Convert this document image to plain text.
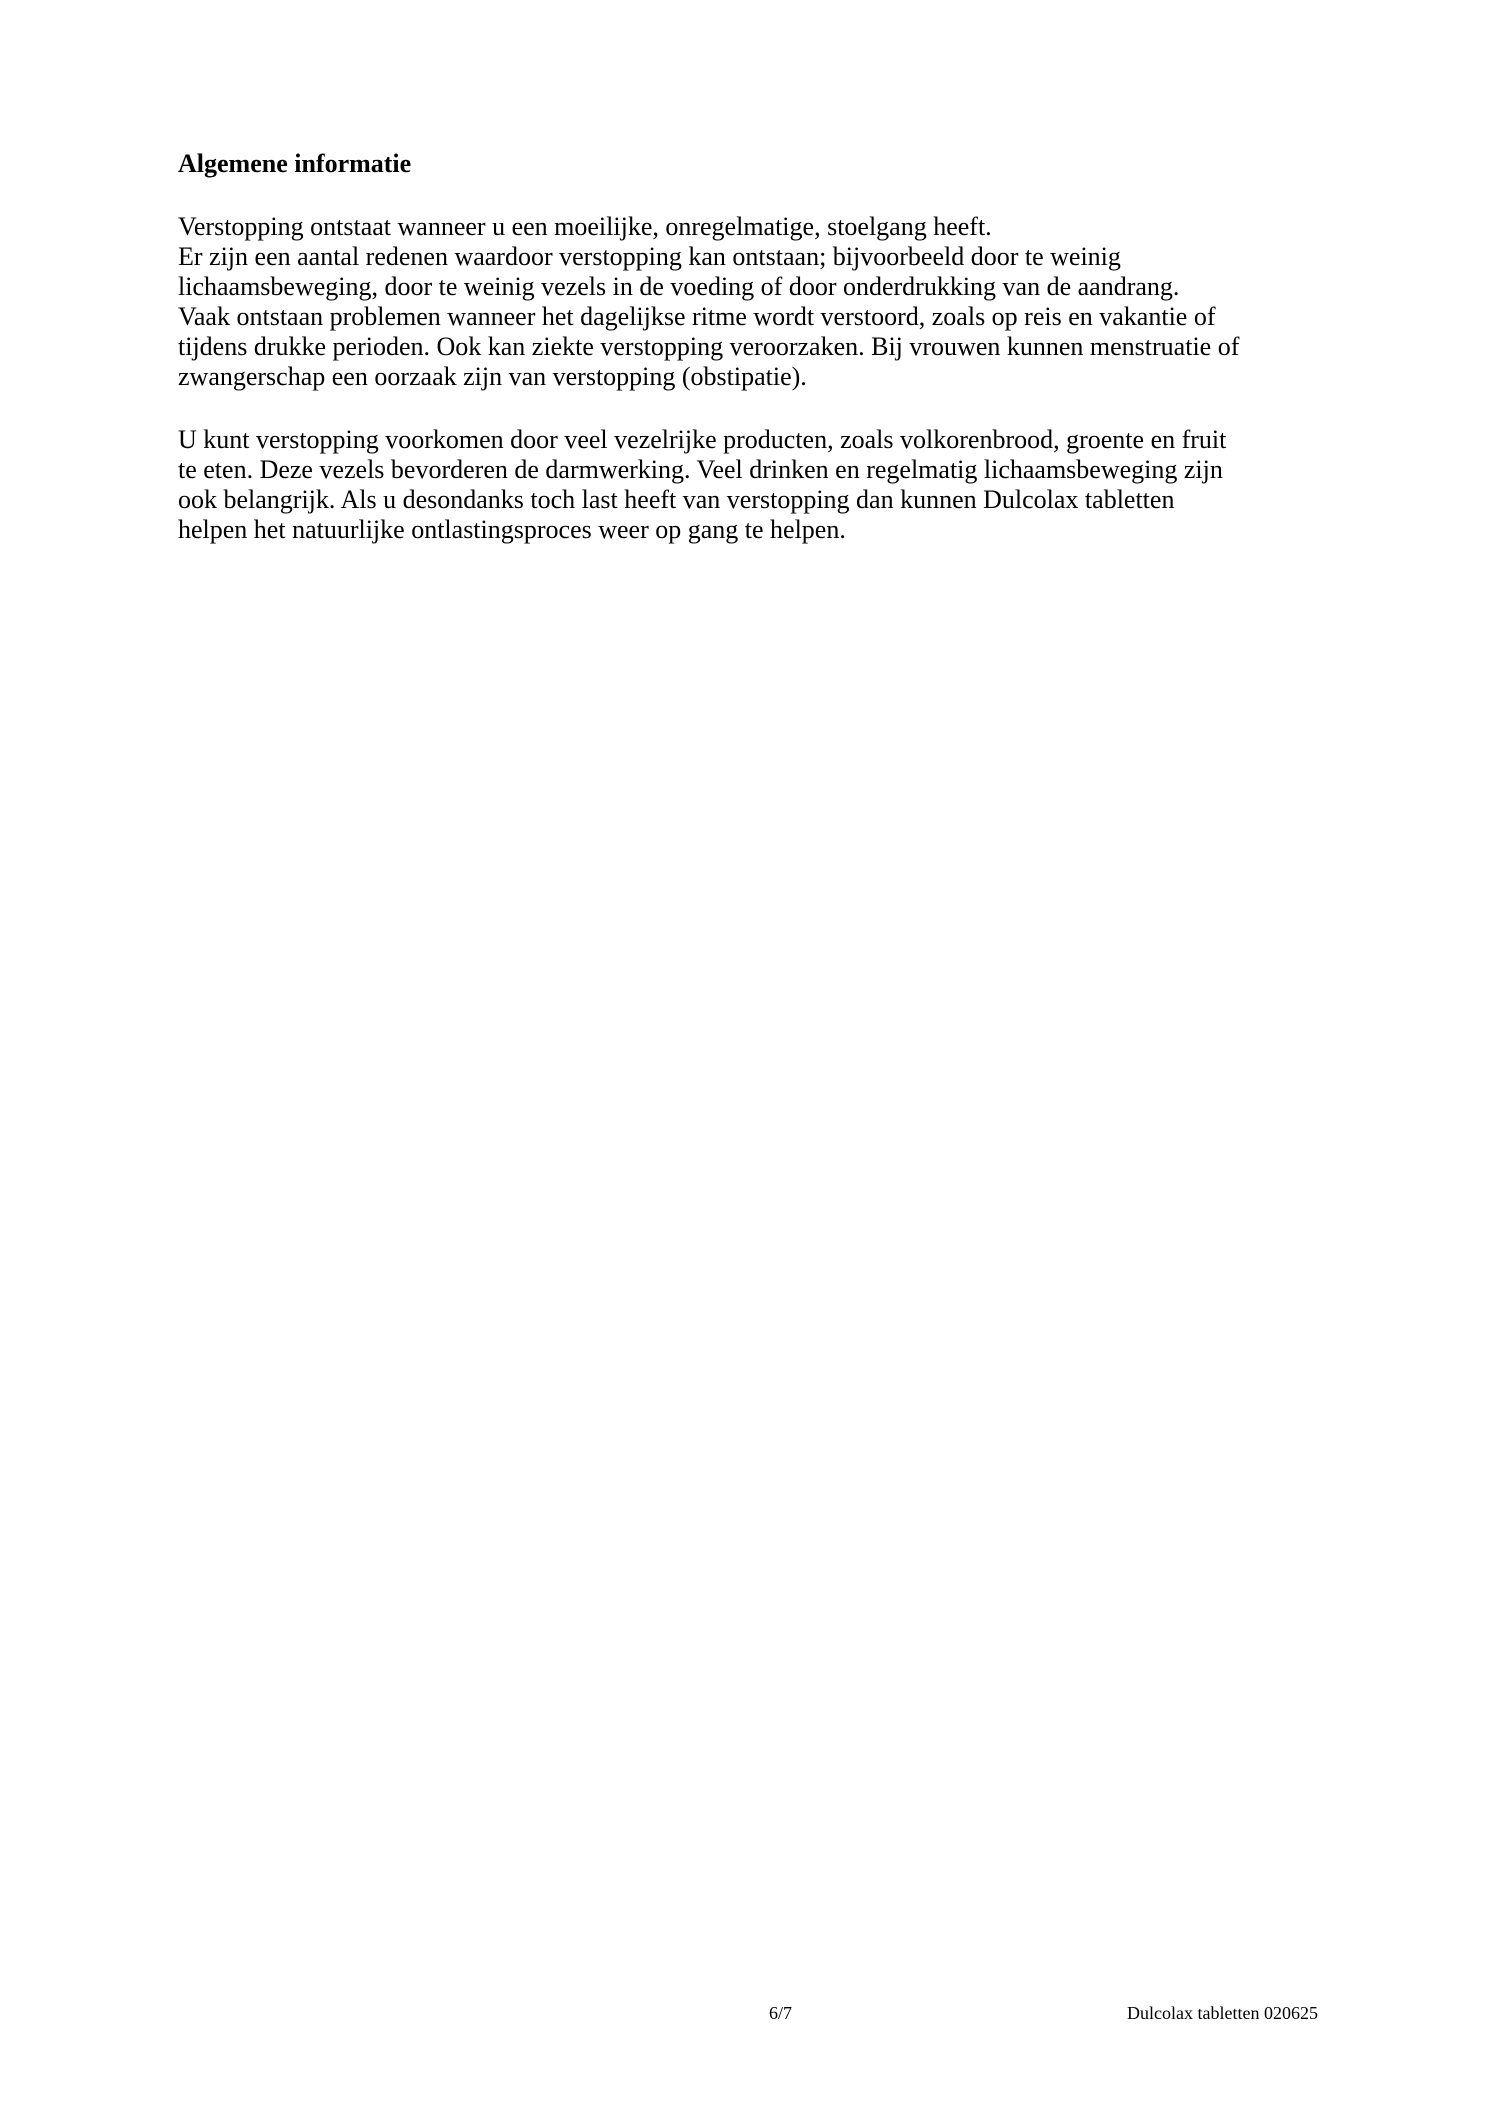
Algemene informatie
Verstopping ontstaat wanneer u een moeilijke, onregelmatige, stoelgang heeft.
Er zijn een aantal redenen waardoor verstopping kan ontstaan; bijvoorbeeld door te weinig
lichaamsbeweging, door te weinig vezels in de voeding of door onderdrukking van de aandrang.
Vaak ontstaan problemen wanneer het dagelijkse ritme wordt verstoord, zoals op reis en vakantie of
tijdens drukke perioden. Ook kan ziekte verstopping veroorzaken. Bij vrouwen kunnen menstruatie of
zwangerschap een oorzaak zijn van verstopping (obstipatie).
U kunt verstopping voorkomen door veel vezelrijke producten, zoals volkorenbrood, groente en fruit
te eten. Deze vezels bevorderen de darmwerking. Veel drinken en regelmatig lichaamsbeweging zijn
ook belangrijk. Als u desondanks toch last heeft van verstopping dan kunnen Dulcolax tabletten
helpen het natuurlijke ontlastingsproces weer op gang te helpen.
6/7	Dulcolax tabletten 020625
